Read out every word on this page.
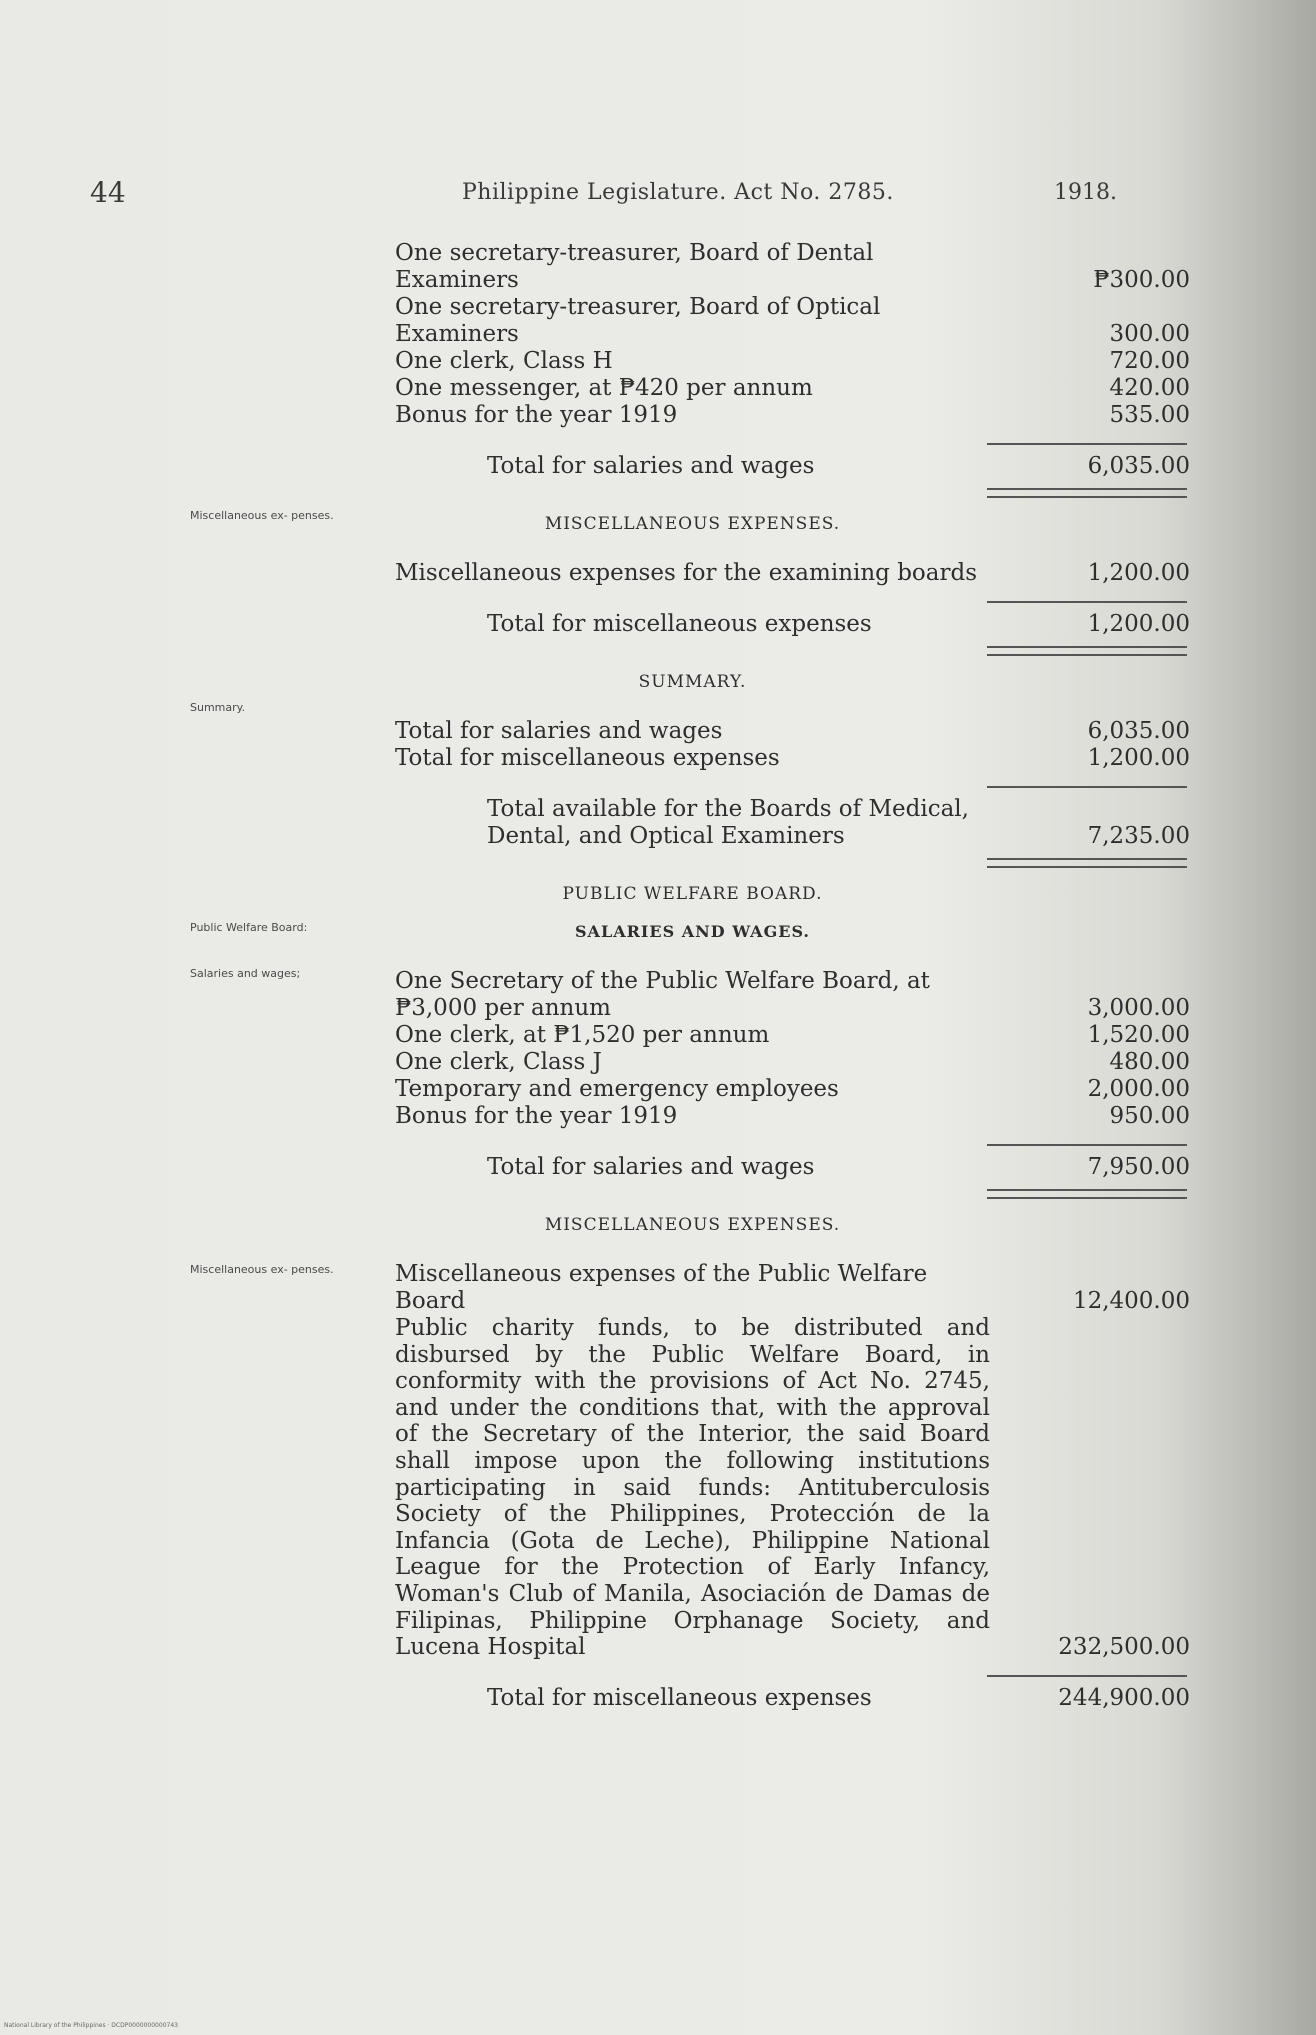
44	Philippine Legislature. Act No. 2785.	1918.
Miscellaneous ex- penses.
Summary.
Public Welfare Board:
Salaries and wages;
Miscellaneous ex- penses.
One secretary-treasurer, Board of Dental Examiners	₱300.00
One secretary-treasurer, Board of Optical Examiners	300.00
One clerk, Class H	720.00
One messenger, at ₱420 per annum	420.00
Bonus for the year 1919	535.00
Total for salaries and wages	6,035.00
MISCELLANEOUS EXPENSES.
Miscellaneous expenses for the examining boards	1,200.00
Total for miscellaneous expenses	1,200.00
SUMMARY.
Total for salaries and wages	6,035.00
Total for miscellaneous expenses	1,200.00
Total available for the Boards of Medical, Dental, and Optical Examiners	7,235.00
PUBLIC WELFARE BOARD.
SALARIES AND WAGES.
One Secretary of the Public Welfare Board, at ₱3,000 per annum	3,000.00
One clerk, at ₱1,520 per annum	1,520.00
One clerk, Class J	480.00
Temporary and emergency employees	2,000.00
Bonus for the year 1919	950.00
Total for salaries and wages	7,950.00
MISCELLANEOUS EXPENSES.
Miscellaneous expenses of the Public Welfare Board	12,400.00
Public charity funds, to be distributed and disbursed by the Public Welfare Board, in conformity with the provisions of Act No. 2745, and under the conditions that, with the approval of the Secretary of the Interior, the said Board shall impose upon the following institutions participating in said funds: Antituberculosis Society of the Philippines, Protección de la Infancia (Gota de Leche), Philippine National League for the Protection of Early Infancy, Woman's Club of Manila, Asociación de Damas de Filipinas, Philippine Orphanage Society, and Lucena Hospital	232,500.00
Total for miscellaneous expenses	244,900.00
National Library of the Philippines · DCDP0000000000743
